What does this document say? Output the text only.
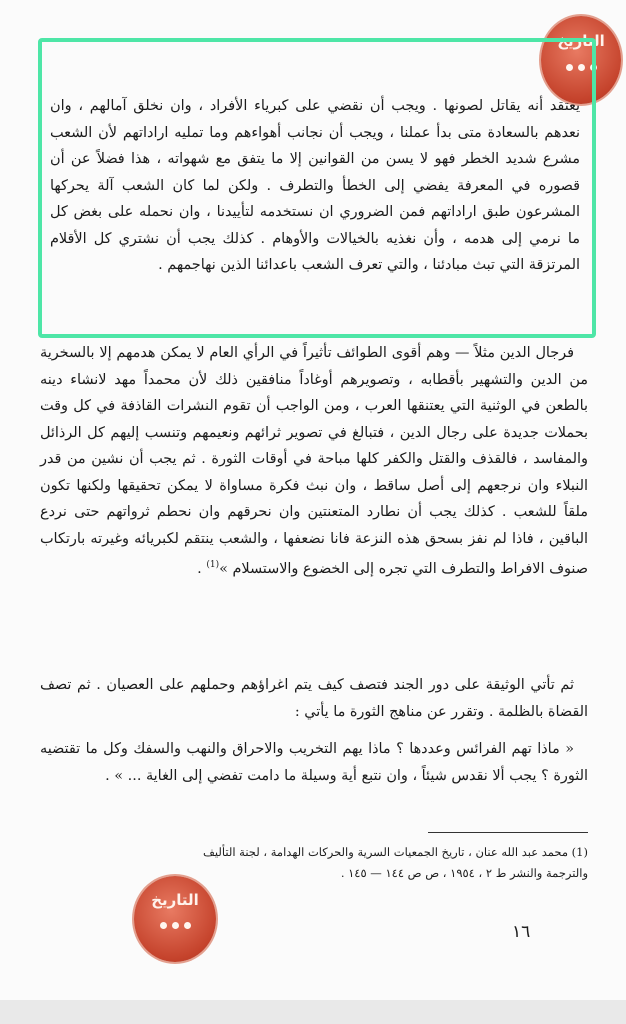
التاريخ

يعتقد أنه يقاتل لصونها . ويجب أن نقضي على كبرياء الأفراد ، وان نخلق آمالهم ، وان نعدهم بالسعادة متى بدأ عملنا ، ويجب أن نجانب أهواءهم وما تمليه اراداتهم لأن الشعب مشرع شديد الخطر فهو لا يسن من القوانين إلا ما يتفق مع شهواته ، هذا فضلاً عن أن قصوره في المعرفة يفضي إلى الخطأ والتطرف . ولكن لما كان الشعب آلة يحركها المشرعون طبق اراداتهم فمن الضروري ان نستخدمه لتأييدنا ، وان نحمله على بغض كل ما نرمي إلى هدمه ، وأن نغذيه بالخيالات والأوهام . كذلك يجب أن نشتري كل الأقلام المرتزقة التي تبث مبادئنا ، والتي تعرف الشعب باعدائنا الذين نهاجمهم .

فرجال الدين مثلاً — وهم أقوى الطوائف تأثيراً في الرأي العام لا يمكن هدمهم إلا بالسخرية من الدين والتشهير بأقطابه ، وتصويرهم أوغاداً منافقين ذلك لأن محمداً مهد لانشاء دينه بالطعن في الوثنية التي يعتنقها العرب ، ومن الواجب أن تقوم النشرات القاذفة في كل وقت بحملات جديدة على رجال الدين ، فتبالغ في تصوير ثرائهم ونعيمهم وتنسب إليهم كل الرذائل والمفاسد ، فالقذف والقتل والكفر كلها مباحة في أوقات الثورة . ثم يجب أن نشين من قدر النبلاء وان نرجعهم إلى أصل ساقط ، وان نبث فكرة مساواة لا يمكن تحقيقها ولكنها تكون ملقاً للشعب . كذلك يجب أن نطارد المتعنتين وان نحرقهم وان نحطم ثرواتهم حتى نردع الباقين ، فاذا لم نفز بسحق هذه النزعة فانا نضعفها ، والشعب ينتقم لكبريائه وغيرته بارتكاب صنوف الافراط والتطرف التي تجره إلى الخضوع والاستسلام »$^{(1)}$ .

ثم تأتي الوثيقة على دور الجند فتصف كيف يتم اغراؤهم وحملهم على العصيان . ثم تصف القضاة بالظلمة . وتقرر عن مناهج الثورة ما يأتي :

« ماذا تهم الفرائس وعددها ؟ ماذا يهم التخريب والاحراق والنهب والسفك وكل ما تقتضيه الثورة ؟ يجب ألا نقدس شيئاً ، وان نتبع أية وسيلة ما دامت تفضي إلى الغاية ... » .

(1) محمد عبد الله عنان ، تاريخ الجمعيات السرية والحركات الهدامة ، لجنة التأليف
والترجمة والنشر ط ٢ ، ١٩٥٤ ، ص ص ١٤٤ — ١٤٥ .
التاريخ
١٦
